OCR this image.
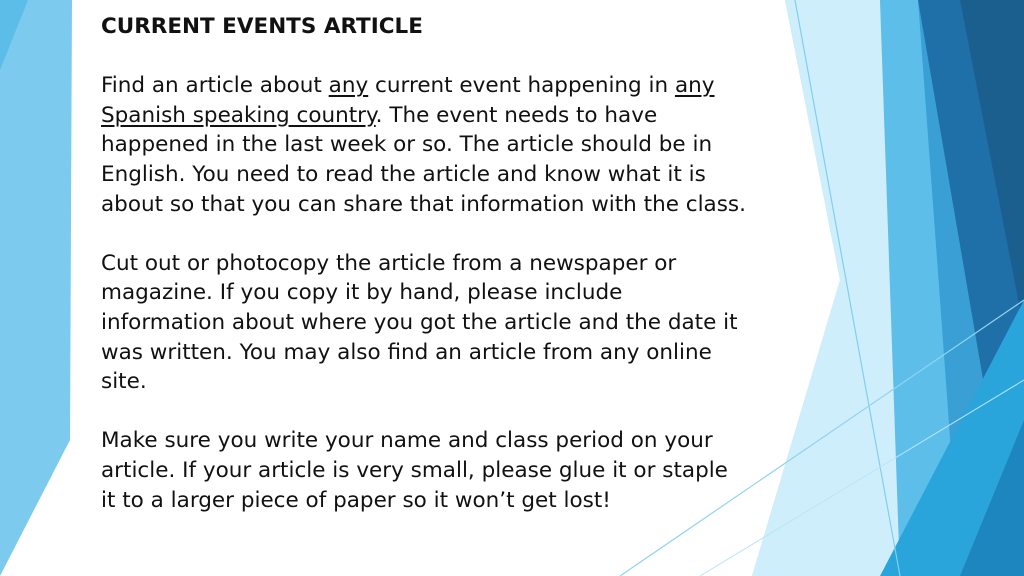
CURRENT EVENTS ARTICLE

Find an article about any current event happening in any Spanish speaking country. The event needs to have happened in the last week or so. The article should be in English. You need to read the article and know what it is about so that you can share that information with the class.

Cut out or photocopy the article from a newspaper or magazine. If you copy it by hand, please include information about where you got the article and the date it was written. You may also find an article from any online site.

Make sure you write your name and class period on your article. If your article is very small, please glue it or staple it to a larger piece of paper so it won’t get lost!
